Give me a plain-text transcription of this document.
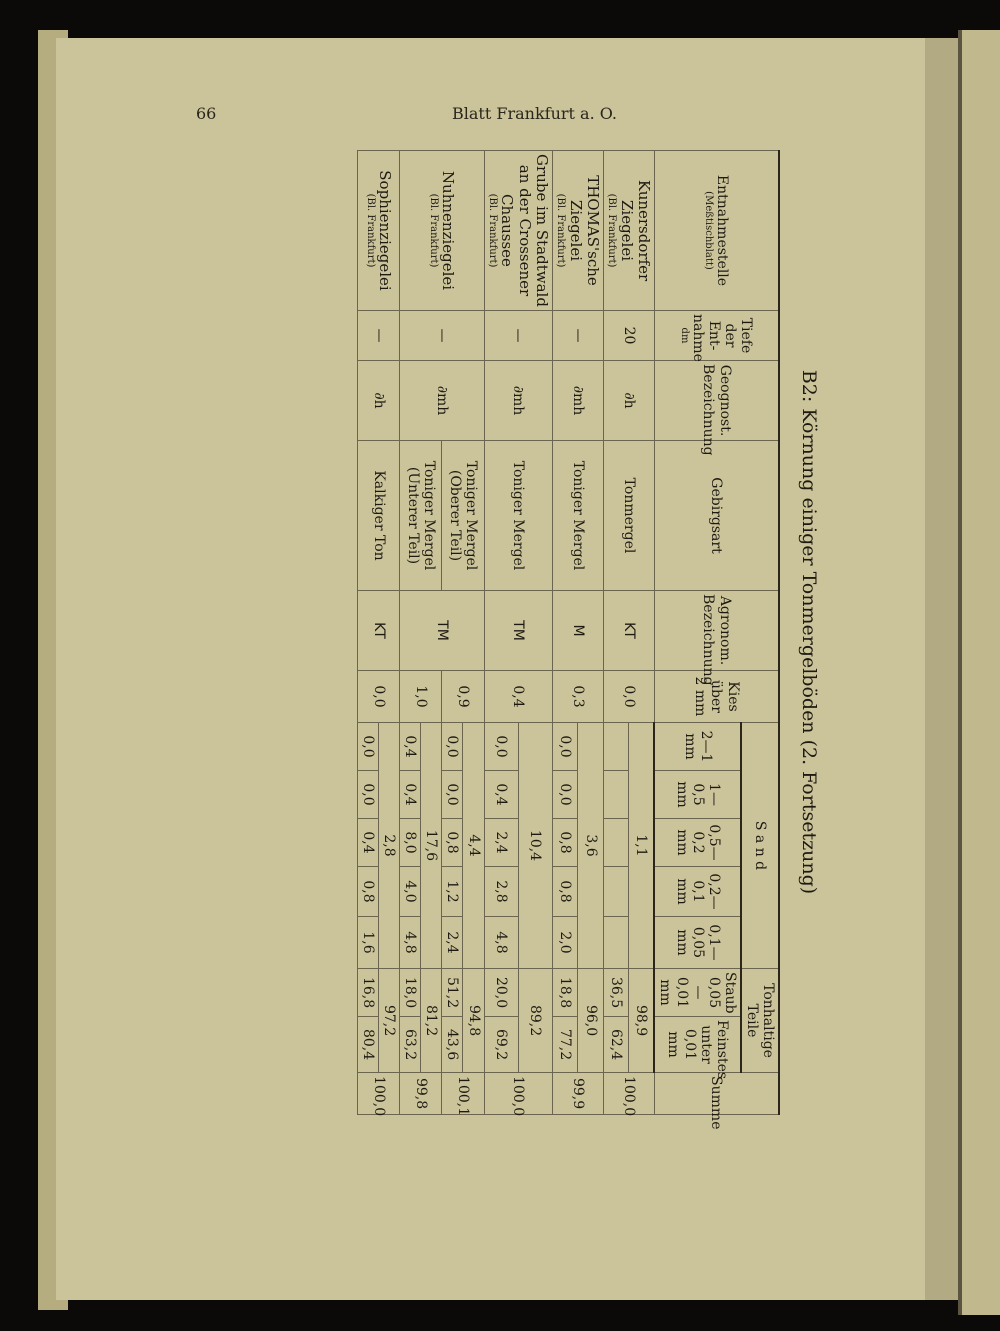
66	Blatt Frankfurt a. O.
B2: Körnung einiger Tonmergelböden (2. Fortsetzung)
Entnahmestelle
(Meßtischblatt)	Tiefe der Ent-nahme
dm	Geognost. Bezeichnung	Gebirgsart	Agronom. Bezeichnung	Kies über 2 mm	S a n d					Tonhaltige Teile		Summe
						2—1 mm	1—0,5 mm	0,5— 0,2 mm	0,2— 0,1 mm	0,1— 0,05 mm	Staub 0,05— 0,01 mm	Feinstes unter 0,01 mm	
Kunersdorfer Ziegelei
(Bl. Frankfurt)	20	∂h	Tonmergel	KT	0,0	1,1					98,9		100,0
											36,5	62,4	
THOMAS'sche Ziegelei
(Bl. Frankfurt)	—	∂mh	Toniger Mergel	M	0,3	3,6					96,0		99,9
						0,0	0,0	0,8	0,8	2,0	18,8	77,2	
Grube im Stadtwald an der Crossener Chaussee
(Bl. Frankfurt)	—	∂mh	Toniger Mergel	TM	0,4	10,4					89,2		100,0
						0,0	0,4	2,4	2,8	4,8	20,0	69,2	
Nuhnenziegelei
(Bl. Frankfurt)	—	∂mh	Toniger Mergel (Oberer Teil)	TM	0,9	4,4					94,8		100,1
						0,0	0,0	0,8	1,2	2,4	51,2	43,6	
			Toniger Mergel (Unterer Teil)		1,0	17,6					81,2		99,8
						0,4	0,4	8,0	4,0	4,8	18,0	63,2	
Sophienziegelei
(Bl. Frankfurt)	—	∂h	Kalkiger Ton	KT	0,0	2,8					97,2		100,0
						0,0	0,0	0,4	0,8	1,6	16,8	80,4	
